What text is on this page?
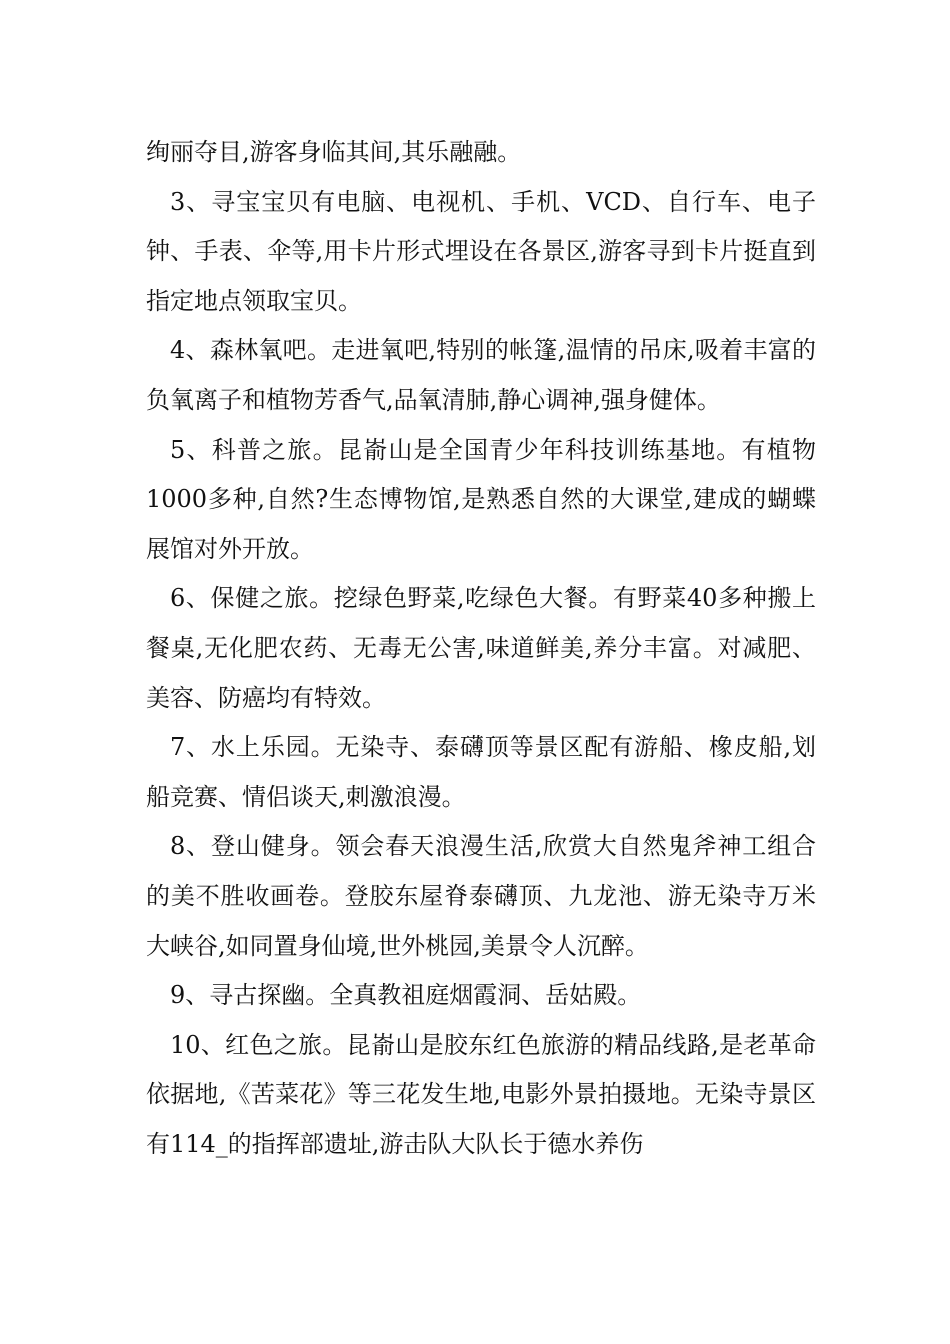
绚丽夺目,游客身临其间,其乐融融。

3、寻宝宝贝有电脑、电视机、手机、VCD、自行车、电子钟、手表、伞等,用卡片形式埋设在各景区,游客寻到卡片挺直到指定地点领取宝贝。

4、森林氧吧。走进氧吧,特别的帐篷,温情的吊床,吸着丰富的负氧离子和植物芳香气,品氧清肺,静心调神,强身健体。

5、科普之旅。昆嵛山是全国青少年科技训练基地。有植物1000多种,自然?生态博物馆,是熟悉自然的大课堂,建成的蝴蝶展馆对外开放。

6、保健之旅。挖绿色野菜,吃绿色大餐。有野菜40多种搬上餐桌,无化肥农药、无毒无公害,味道鲜美,养分丰富。对减肥、美容、防癌均有特效。

7、水上乐园。无染寺、泰礴顶等景区配有游船、橡皮船,划船竞赛、情侣谈天,刺激浪漫。

8、登山健身。领会春天浪漫生活,欣赏大自然鬼斧神工组合的美不胜收画卷。登胶东屋脊泰礴顶、九龙池、游无染寺万米大峡谷,如同置身仙境,世外桃园,美景令人沉醉。

9、寻古探幽。全真教祖庭烟霞洞、岳姑殿。

10、红色之旅。昆嵛山是胶东红色旅游的精品线路,是老革命依据地,《苦菜花》等三花发生地,电影外景拍摄地。无染寺景区有114_的指挥部遗址,游击队大队长于德水养伤
